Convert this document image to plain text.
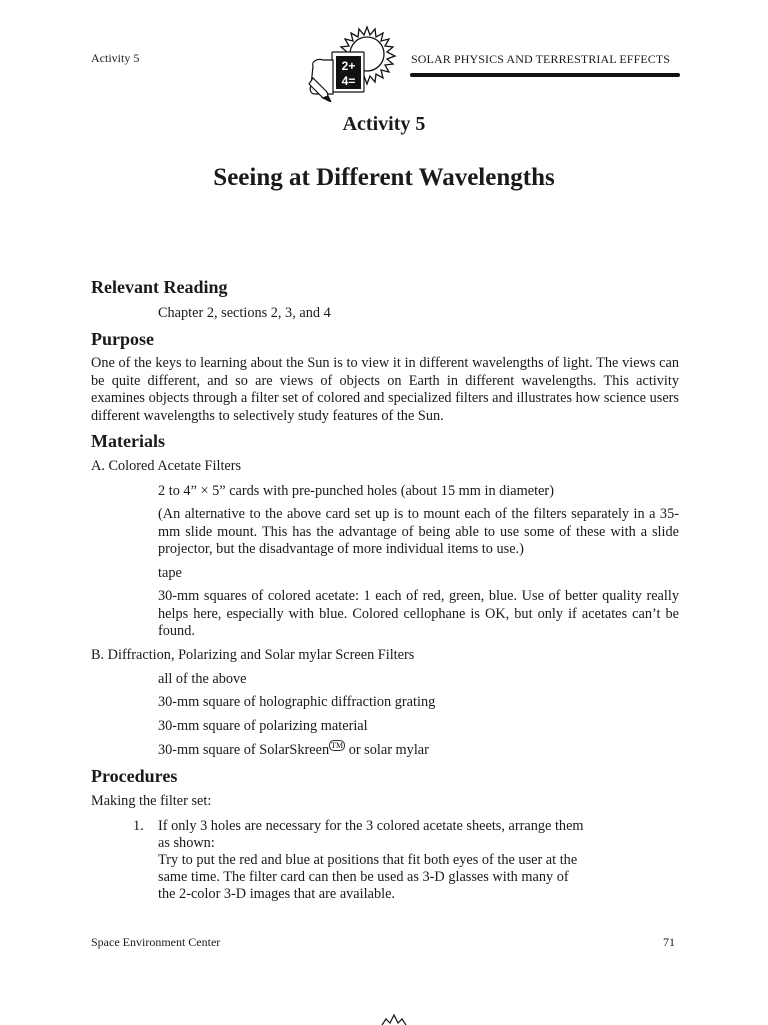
Activity 5
2+
4=
SOLAR PHYSICS AND TERRESTRIAL EFFECTS
Activity 5
Seeing at Different Wavelengths
Relevant Reading
Chapter 2, sections 2, 3, and 4
Purpose
One of the keys to learning about the Sun is to view it in different wavelengths of light. The views can be quite different, and so are views of objects on Earth in different wavelengths. This activity examines objects through a filter set of colored and specialized filters and illustrates how science users different wavelengths to selectively study features of the Sun.
Materials
A. Colored Acetate Filters
2 to 4” × 5” cards with pre-punched holes (about 15 mm in diameter)
(An alternative to the above card set up is to mount each of the filters separately in a 35-mm slide mount. This has the advantage of being able to use some of these with a slide projector, but the disadvantage of more individual items to use.)
tape
30-mm squares of colored acetate: 1 each of red, green, blue. Use of better quality really helps here, especially with blue. Colored cellophane is OK, but only if acetates can’t be found.
B. Diffraction, Polarizing and Solar mylar Screen Filters
all of the above
30-mm square of holographic diffraction grating
30-mm square of polarizing material
30-mm square of SolarSkreen ™ or solar mylar
Procedures
Making the filter set:
1. If only 3 holes are necessary for the 3 colored acetate sheets, arrange them
as shown:
Try to put the red and blue at positions that fit both eyes of the user at the
same time. The filter card can then be used as 3-D glasses with many of
the 2-color 3-D images that are available.
Space Environment Center	71
